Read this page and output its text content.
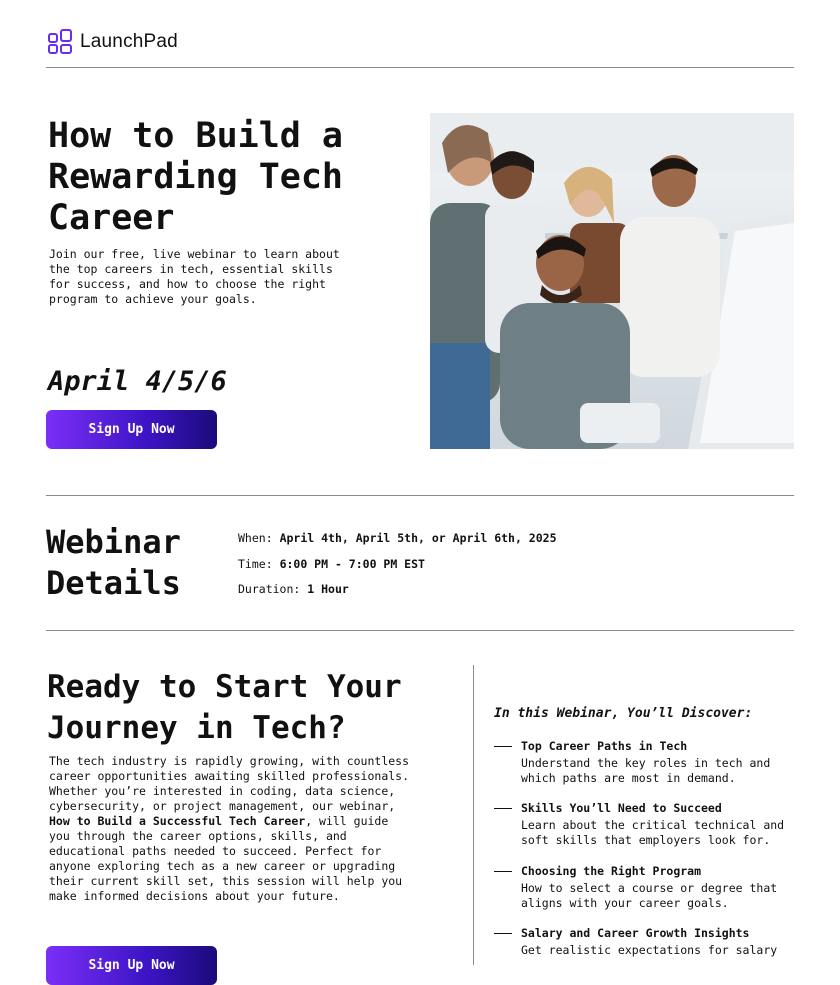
LaunchPad
How to Build a Rewarding Tech Career

Join our free, live webinar to learn about the top careers in tech, essential skills for success, and how to choose the right program to achieve your goals.

April 4/5/6
Sign Up Now
Webinar Details
When: April 4th, April 5th, or April 6th, 2025
Time: 6:00 PM - 7:00 PM EST
Duration: 1 Hour
Ready to Start Your Journey in Tech?

The tech industry is rapidly growing, with countless career opportunities awaiting skilled professionals. Whether you’re interested in coding, data science, cybersecurity, or project management, our webinar, How to Build a Successful Tech Career, will guide you through the career options, skills, and educational paths needed to succeed. Perfect for anyone exploring tech as a new career or upgrading their current skill set, this session will help you make informed decisions about your future.

Sign Up Now
In this Webinar, You’ll Discover:
Top Career Paths in Tech
Understand the key roles in tech and which paths are most in demand.
Skills You’ll Need to Succeed
Learn about the critical technical and soft skills that employers look for.
Choosing the Right Program
How to select a course or degree that aligns with your career goals.
Salary and Career Growth Insights
Get realistic expectations for salary
